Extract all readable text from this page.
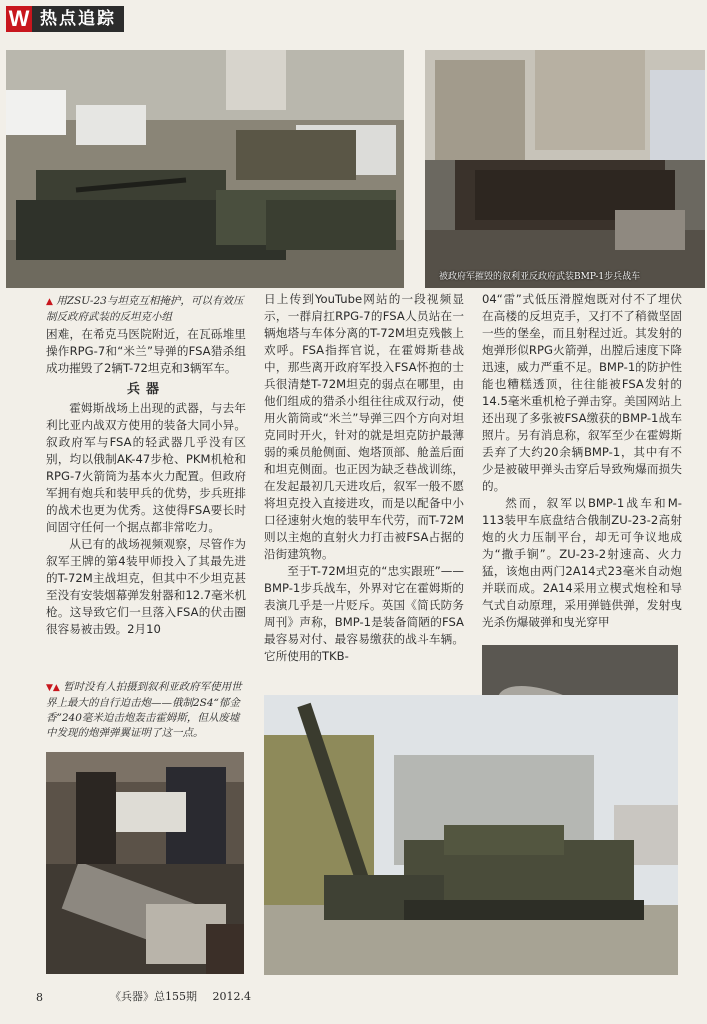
W 热点追踪
被政府军摧毁的叙利亚反政府武装BMP-1步兵战车
▲ 用ZSU-23与坦克互相掩护，可以有效压制反政府武装的反坦克小组

困难，在希克马医院附近，在瓦砾堆里操作RPG-7和“米兰”导弹的FSA猎杀组成功摧毁了2辆T-72坦克和3辆军车。

兵器

霍姆斯战场上出现的武器，与去年利比亚内战双方使用的装备大同小异。叙政府军与FSA的轻武器几乎没有区别，均以俄制AK-47步枪、PKM机枪和RPG-7火箭筒为基本火力配置。但政府军拥有炮兵和装甲兵的优势，步兵班排的战术也更为优秀。这使得FSA要长时间固守任何一个据点都非常吃力。

从已有的战场视频观察，尽管作为叙军王牌的第4装甲师投入了其最先进的T-72M主战坦克，但其中不少坦克甚至没有安装烟幕弹发射器和12.7毫米机枪。这导致它们一旦落入FSA的伏击圈很容易被击毁。2月10

▼▲ 暂时没有人拍摄到叙利亚政府军使用世界上最大的自行迫击炮——俄制2S4“郁金香”240毫米迫击炮轰击霍姆斯，但从废墟中发现的炮弹弹翼证明了这一点。

日上传到YouTube网站的一段视频显示，一群肩扛RPG-7的FSA人员站在一辆炮塔与车体分离的T-72M坦克残骸上欢呼。FSA指挥官说，在霍姆斯巷战中，那些离开政府军投入FSA怀抱的士兵很清楚T-72M坦克的弱点在哪里，由他们组成的猎杀小组往往成双行动，使用火箭筒或“米兰”导弹三四个方向对坦克同时开火，针对的就是坦克防护最薄弱的乘员舱侧面、炮塔顶部、舱盖后面和坦克侧面。也正因为缺乏巷战训练，在发起最初几天进攻后，叙军一般不愿将坦克投入直接进攻，而是以配备中小口径速射火炮的装甲车代劳，而T-72M则以主炮的直射火力打击被FSA占据的沿街建筑物。

至于T-72M坦克的“忠实跟班”——BMP-1步兵战车，外界对它在霍姆斯的表演几乎是一片贬斥。英国《简氏防务周刊》声称，BMP-1是装备简陋的FSA最容易对付、最容易缴获的战斗车辆。它所使用的TKB-

04“雷”式低压滑膛炮既对付不了埋伏在高楼的反坦克手，又打不了稍微坚固一些的堡垒，而且射程过近。其发射的炮弹形似RPG火箭弹，出膛后速度下降迅速，威力严重不足。BMP-1的防护性能也糟糕透顶，往往能被FSA发射的14.5毫米重机枪子弹击穿。美国网站上还出现了多张被FSA缴获的BMP-1战车照片。另有消息称，叙军至少在霍姆斯丢弃了大约20余辆BMP-1，其中有不少是被破甲弹头击穿后导致殉爆而损失的。

然而，叙军以BMP-1战车和M-113装甲车底盘结合俄制ZU-23-2高射炮的火力压制平台，却无可争议地成为“撒手锏”。ZU-23-2射速高、火力猛，该炮由两门2A14式23毫米自动炮并联而成。2A14采用立楔式炮栓和导气式自动原理，采用弹链供弹，发射曳光杀伤爆破弹和曳光穿甲

8	《兵器》总155期 2012.4
